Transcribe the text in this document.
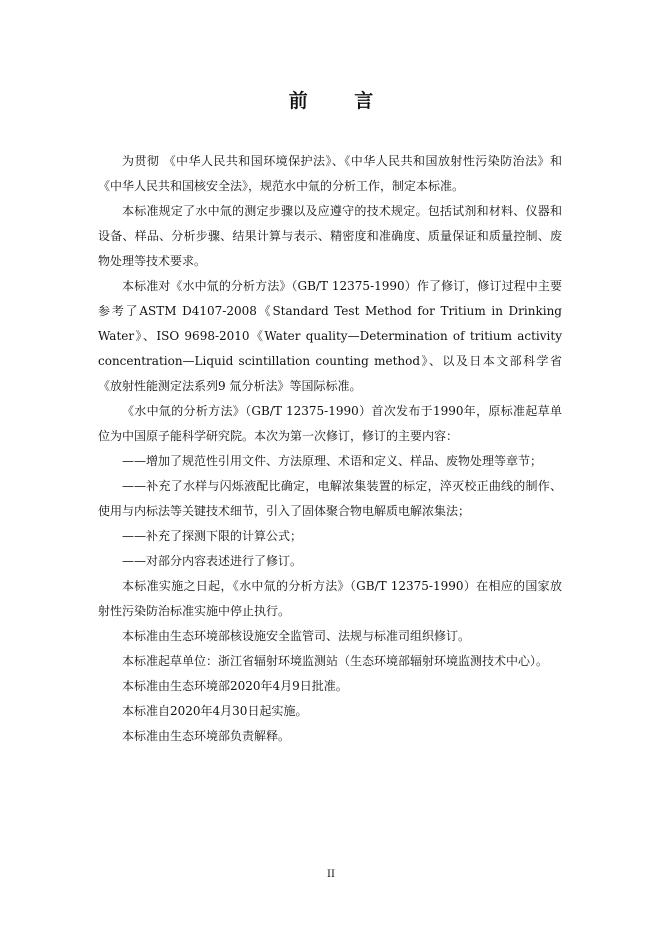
前 言

为贯彻 《中华人民共和国环境保护法》、《中华人民共和国放射性污染防治法》和《中华人民共和国核安全法》，规范水中氚的分析工作，制定本标准。

本标准规定了水中氚的测定步骤以及应遵守的技术规定。包括试剂和材料、仪器和设备、样品、分析步骤、结果计算与表示、精密度和准确度、质量保证和质量控制、废物处理等技术要求。

本标准对《水中氚的分析方法》（GB/T 12375-1990）作了修订，修订过程中主要参考了ASTM D4107-2008《Standard Test Method for Tritium in Drinking Water》、ISO 9698-2010《Water quality—Determination of tritium activity concentration—Liquid scintillation counting method》、以及日本文部科学省《放射性能测定法系列9 氚分析法》等国际标准。

《水中氚的分析方法》（GB/T 12375-1990）首次发布于1990年，原标准起草单位为中国原子能科学研究院。本次为第一次修订，修订的主要内容：

——增加了规范性引用文件、方法原理、术语和定义、样品、废物处理等章节；

——补充了水样与闪烁液配比确定，电解浓集装置的标定，淬灭校正曲线的制作、使用与内标法等关键技术细节，引入了固体聚合物电解质电解浓集法；

——补充了探测下限的计算公式；

——对部分内容表述进行了修订。

本标准实施之日起，《水中氚的分析方法》（GB/T 12375-1990）在相应的国家放射性污染防治标准实施中停止执行。

本标准由生态环境部核设施安全监管司、法规与标准司组织修订。

本标准起草单位：浙江省辐射环境监测站（生态环境部辐射环境监测技术中心）。

本标准由生态环境部2020年4月9日批准。

本标准自2020年4月30日起实施。

本标准由生态环境部负责解释。

II
